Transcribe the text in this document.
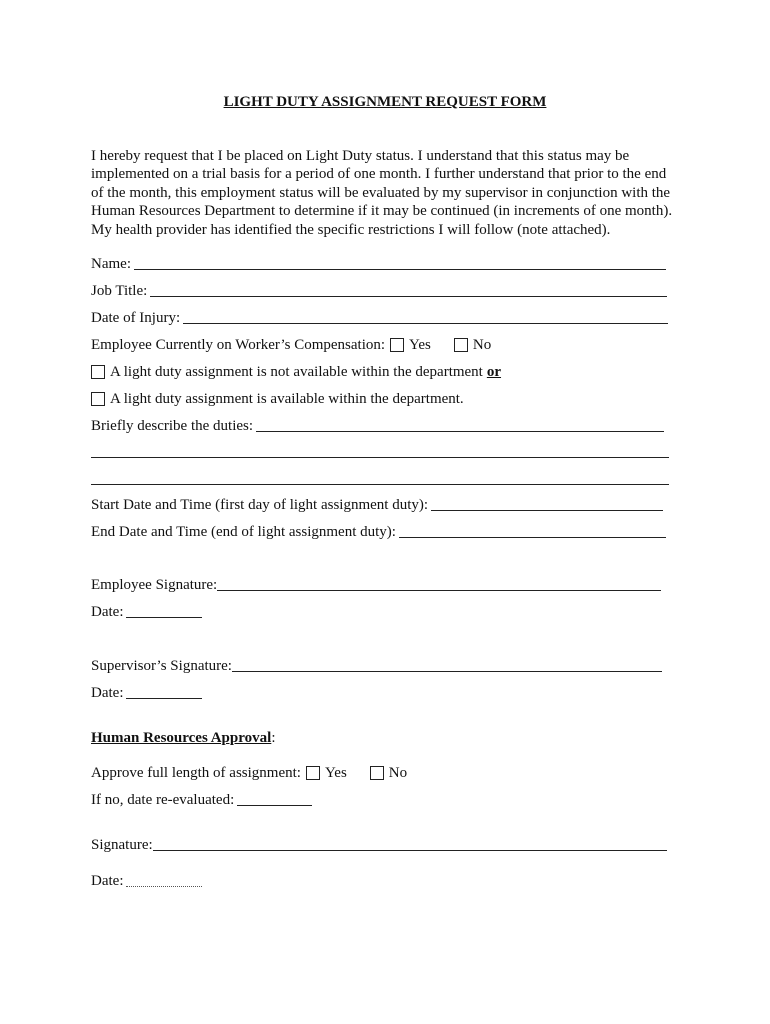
LIGHT DUTY ASSIGNMENT REQUEST FORM
I hereby request that I be placed on Light Duty status. I understand that this status may be
implemented on a trial basis for a period of one month. I further understand that prior to the end
of the month, this employment status will be evaluated by my supervisor in conjunction with the
Human Resources Department to determine if it may be continued (in increments of one month).
My health provider has identified the specific restrictions I will follow (note attached).
Name:
Job Title:
Date of Injury:
Employee Currently on Worker’s Compensation: Yes	No
A light duty assignment is not available within the department or
A light duty assignment is available within the department.
Briefly describe the duties:
Start Date and Time (first day of light assignment duty):
End Date and Time (end of light assignment duty):
Employee Signature:
Date:
Supervisor’s Signature:
Date:
Human Resources Approval :
Approve full length of assignment: Yes	No
If no, date re-evaluated:
Signature:
Date:
